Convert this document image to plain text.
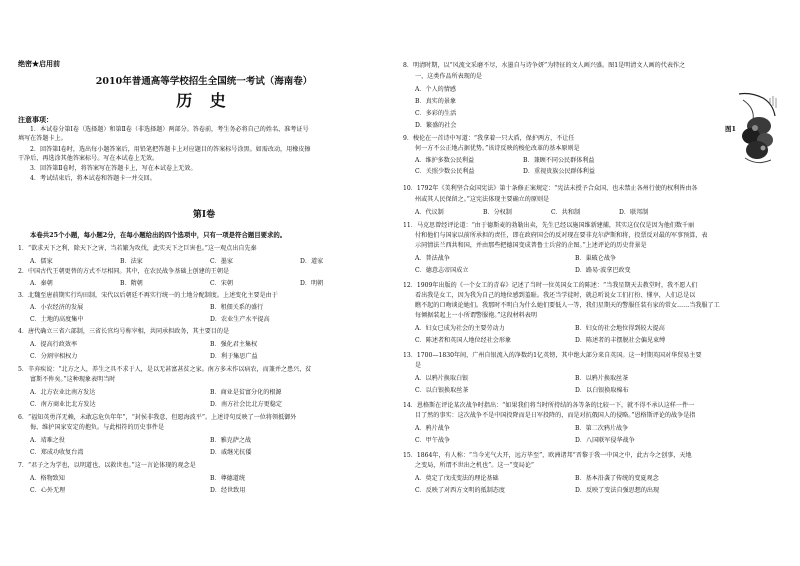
绝密★启用前
2010年普通高等学校招生全国统一考试（海南卷）
历 史
注意事项：
1．本试卷分第Ⅰ卷（选择题）和第Ⅱ卷（非选择题）两部分。答卷前，考生务必将自己的姓名、准考证号
填写在答题卡上。
2．回答第Ⅰ卷时，选出每小题答案后，用铅笔把答题卡上对应题目的答案标号涂黑。如需改动，用橡皮擦
干净后，再选涂其他答案标号。写在本试卷上无效。
3．回答第Ⅱ卷时，将答案写在答题卡上，写在本试卷上无效。
4．考试结束后，将本试卷和答题卡一并交回。
第Ⅰ卷
本卷共25个小题，每小题2分，在每小题给出的四个选项中，只有一项是符合题目要求的。
1．“欲求天下之利，除天下之害，当若繁为攻伐，此实天下之巨害也。”这一观点出自先秦
A．儒家	B．法家	C．墨家	D．道家
2．中国古代王朝更替的方式不尽相同。其中，在农民战争基础上创建的王朝是
A．秦朝	B．隋朝	C．宋朝	D．明朝
3．北魏至唐前期实行均田制，宋代以后朝廷不再实行统一的土地分配制度。上述变化主要是由于
A．小农经济的发展	B．租佃关系的盛行
C．土地的高度集中	D．农业生产水平提高
4．唐代确立三省六部制，三省长官均号称宰相，共同承担政务，其主要目的是
A．提高行政效率	B．强化君主集权
C．分割宰相权力	D．利于集思广益
5．辛弃疾说：“北方之人，养生之具不求于人，是以无甚富甚贫之家。南方多末作以病农，而兼并之患兴，贫
富斯不侔矣。”这种现象表明当时
A．北方农业比南方发达	B．商业是贫富分化的根源
C．南方商业比北方发达	D．南方社会比北方更稳定
6．“福知英勇洋无赖，未敢忘危负年年”，“封侯非我意，但愿海波平”。上述诗句反映了一位将领抵御外
侮、维护国家安定的抱负。与此相符的历史事件是
A．靖难之役	B．雅克萨之战
C．郑成功收复台湾	D．戚继光抗倭
7．“君子之为学也，以明道也，以救世也。”这一言论体现的观念是
A．格物致知	B．尊德道统
C．心外无理	D．经世致用
8．明清时期，以“风流文采磨不尽，水墨自与诗争妍”为特征的文人画兴盛。图1是明清文人画的代表作之
一，这类作品所表现的是
A．个人的情感
B．真实的景象
C．多彩的生活
D．繁盛的社会	图1
9．梭伦在一首诗中写道：“我拿着一只大盾，保护两方，不让任
何一方不公正地占据优势。”该诗反映的梭伦改革的基本原则是
A．维护多数公民利益	B．兼顾不同公民群体利益
C．关照少数公民利益	D．重视贵族公民群体利益
10．1792年《美利坚合众国宪法》第十条修正案规定：“宪法未授予合众国、也未禁止各州行使的权利皆由各
州或其人民保留之。”这宪法体现主要确立的原则是
A．代议制	B．分权制	C．共和制	D．联邦制
11．马克思曾经评论道：“由于德斯麦的勃勒出卖，先生已经以施国维新建捕，其实这仅仅是因为他们数千丽
付和他们与国家以前所承担的责任，即在政府国会的反对现在要非克尔萨斯和将，投票反对最的军事预算，表
示同情法兰西共和国，并由那些把德国变成普鲁士兵营的企图。”上述评论的历史背景是
A．普法战争	B．巢破仑战争
C．德意志帝国成立	D．路易·波拿巴政变
12．1909年出版的《一个女工的青春》记述了当时一位英国女工的陈述：“当我星期天去教堂时，我不愿人们
看出我是女工，因为我为自己的地位感到羞耻。我还当学徒时，就总听说女工们打扮、懂享，人们总是以
瞧不起的口吻谈论她们。我那时不明白为什么她们要低人一等，我们星期天的警服任装有家的常女……当我服了工
每倾据装起上一小所谓警服袍。”这段材料表明
A．妇女已成为社会的主要劳动力	B．妇女的社会地位得到较大提高
C．陈述者和英国人地位经社会形象	D．陈述者的丰摆脱社会偏见束缚
13．1700—1830年间，广州自银流入的净数约1亿英镑，其中绝大部分来自英国。这一时期英国对华贸易主要
是
A．以鸦片换取白银	B．以鸦片换取丝茶
C．以白银换取丝茶	D．以白银换取棉布
14．恩格斯在评论某次战争时指出：“如果我们将当时所持结的各等条的比较一下，就不得不承认这样一件一
目了然的事实：这次战争不是中国投降而是日军投降的，而是对抗俄国人的侵略。”恩格斯评论的战争是指
A．鸦片战争	B．第二次鸦片战争
C．甲午战争	D．八国联军侵华战争
15．1864年，有人称：“当今光气大开，远方毕至”，欧洲诸邦“晋黎于我一中国之中，此古今之创事，天地
之变局，所谓不世出之机也”。这一“变局论”
A．奠定了戊戌变法的理论基础	B．基本沿袭了传统的变夏观念
C．反映了对西方文明的抵制态度	D．反映了变法自强思想的出现
